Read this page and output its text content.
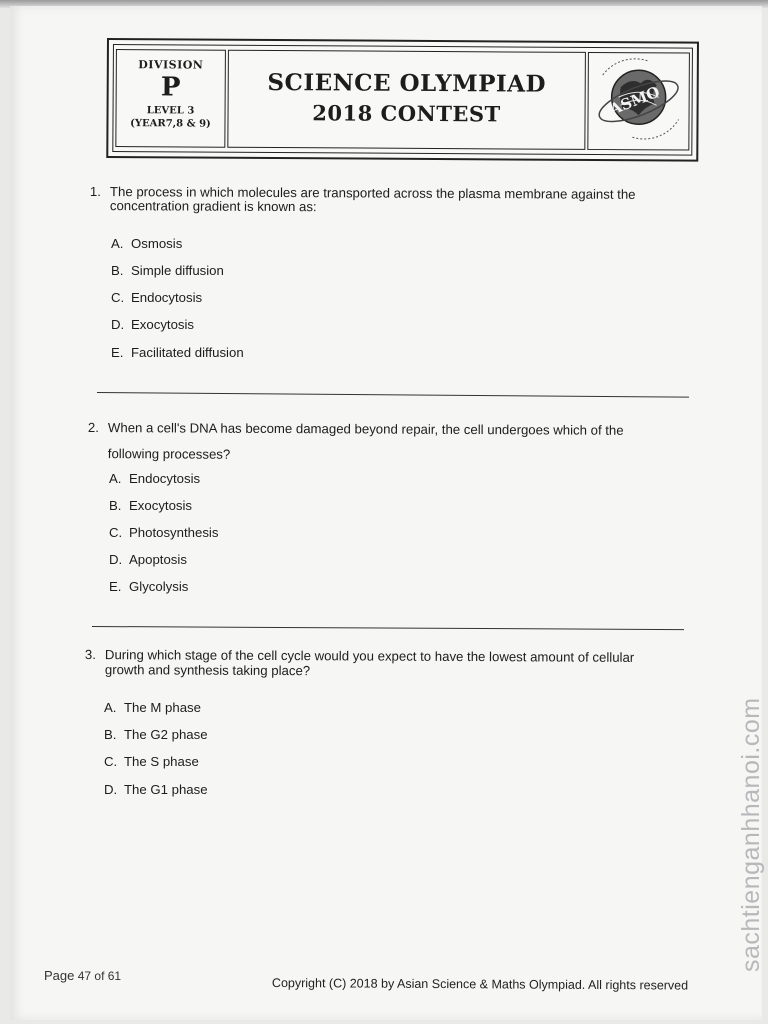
DIVISION
P
LEVEL 3
(YEAR7,8 & 9)
SCIENCE OLYMPIAD
2018 CONTEST	ASMO
1. The process in which molecules are transported across the plasma membrane against the
concentration gradient is known as:
A. Osmosis
B. Simple diffusion
C. Endocytosis
D. Exocytosis
E. Facilitated diffusion
2. When a cell's DNA has become damaged beyond repair, the cell undergoes which of the
following processes?
A. Endocytosis
B. Exocytosis
C. Photosynthesis
D. Apoptosis
E. Glycolysis
3. During which stage of the cell cycle would you expect to have the lowest amount of cellular
growth and synthesis taking place?
A. The M phase
B. The G2 phase
C. The S phase
D. The G1 phase
Page 47 of 61	Copyright (C) 2018 by Asian Science & Maths Olympiad. All rights reserved
sachtienganhhanoi.com
